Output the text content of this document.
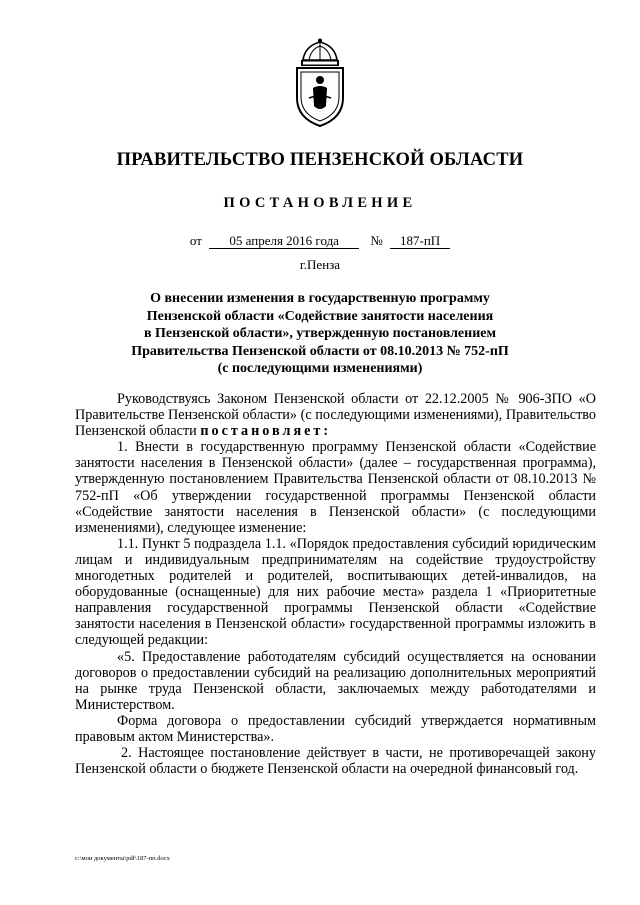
ПРАВИТЕЛЬСТВО ПЕНЗЕНСКОЙ ОБЛАСТИ
ПОСТАНОВЛЕНИЕ
от 05 апреля 2016 года № 187-пП
г.Пенза
О внесении изменения в государственную программу
Пензенской области «Содействие занятости населения
в Пензенской области», утвержденную постановлением
Правительства Пензенской области от 08.10.2013 № 752-пП
(с последующими изменениями)

Руководствуясь Законом Пензенской области от 22.12.2005 № 906-ЗПО «О Правительстве Пензенской области» (с последующими изменениями), Правительство Пензенской области постановляет:

1. Внести в государственную программу Пензенской области «Содействие занятости населения в Пензенской области» (далее – государственная программа), утвержденную постановлением Правительства Пензенской области от 08.10.2013 № 752-пП «Об утверждении государственной программы Пензенской области «Содействие занятости населения в Пензенской области» (с последующими изменениями), следующее изменение:

1.1. Пункт 5 подраздела 1.1. «Порядок предоставления субсидий юридическим лицам и индивидуальным предпринимателям на содействие трудоустройству многодетных родителей и родителей, воспитывающих детей-инвалидов, на оборудованные (оснащенные) для них рабочие места» раздела 1 «Приоритетные направления государственной программы Пензенской области «Содействие занятости населения в Пензенской области» государственной программы изложить в следующей редакции:

«5. Предоставление работодателям субсидий осуществляется на основании договоров о предоставлении субсидий на реализацию дополнительных мероприятий на рынке труда Пензенской области, заключаемых между работодателями и Министерством.

Форма договора о предоставлении субсидий утверждается нормативным правовым актом Министерства».

2. Настоящее постановление действует в части, не противоречащей закону Пензенской области о бюджете Пензенской области на очередной финансовый год.

c:\мои документы\pdf\187-пп.docx
